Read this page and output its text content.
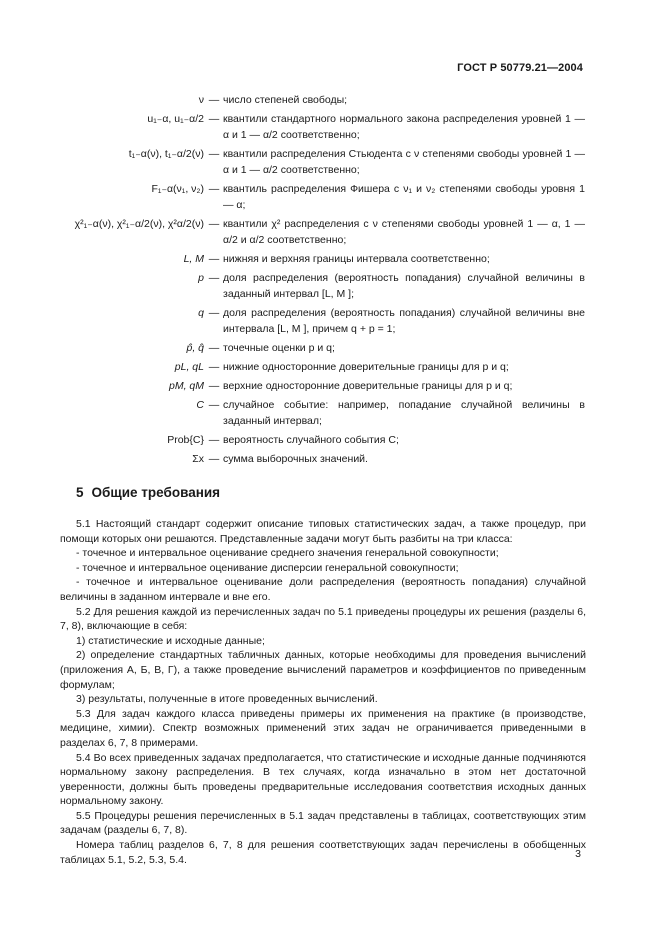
ГОСТ Р 50779.21—2004
ν — число степеней свободы;
u₁₋α, u₁₋α/2 — квантили стандартного нормального закона распределения уровней 1 — α и 1 — α/2 соответственно;
t₁₋α(ν), t₁₋α/2(ν) — квантили распределения Стьюдента с ν степенями свободы уровней 1 — α и 1 — α/2 соответственно;
F₁₋α(ν₁, ν₂) — квантиль распределения Фишера с ν₁ и ν₂ степенями свободы уровня 1 — α;
χ²₁₋α(ν), χ²₁₋α/2(ν), χ²α/2(ν) — квантили χ² распределения с ν степенями свободы уровней 1 — α, 1 — α/2 и α/2 соответственно;
L, M — нижняя и верхняя границы интервала соответственно;
p — доля распределения (вероятность попадания) случайной величины в заданный интервал [L, M ];
q — доля распределения (вероятность попадания) случайной величины вне интервала [L, M ], причем q + p = 1;
p̂, q̂ — точечные оценки p и q;
pL, qL — нижние односторонние доверительные границы для p и q;
pM, qM — верхние односторонние доверительные границы для p и q;
C — случайное событие: например, попадание случайной величины в заданный интервал;
Prob{C} — вероятность случайного события C;
Σx — сумма выборочных значений.
5 Общие требования

5.1 Настоящий стандарт содержит описание типовых статистических задач, а также процедур, при помощи которых они решаются. Представленные задачи могут быть разбиты на три класса:

- точечное и интервальное оценивание среднего значения генеральной совокупности;

- точечное и интервальное оценивание дисперсии генеральной совокупности;

- точечное и интервальное оценивание доли распределения (вероятность попадания) случайной величины в заданном интервале и вне его.

5.2 Для решения каждой из перечисленных задач по 5.1 приведены процедуры их решения (разделы 6, 7, 8), включающие в себя:

1) статистические и исходные данные;

2) определение стандартных табличных данных, которые необходимы для проведения вычислений (приложения А, Б, В, Г), а также проведение вычислений параметров и коэффициентов по приведенным формулам;

3) результаты, полученные в итоге проведенных вычислений.

5.3 Для задач каждого класса приведены примеры их применения на практике (в производстве, медицине, химии). Спектр возможных применений этих задач не ограничивается приведенными в разделах 6, 7, 8 примерами.

5.4 Во всех приведенных задачах предполагается, что статистические и исходные данные подчиняются нормальному закону распределения. В тех случаях, когда изначально в этом нет достаточной уверенности, должны быть проведены предварительные исследования соответствия исходных данных нормальному закону.

5.5 Процедуры решения перечисленных в 5.1 задач представлены в таблицах, соответствующих этим задачам (разделы 6, 7, 8).

Номера таблиц разделов 6, 7, 8 для решения соответствующих задач перечислены в обобщенных таблицах 5.1, 5.2, 5.3, 5.4.	3
